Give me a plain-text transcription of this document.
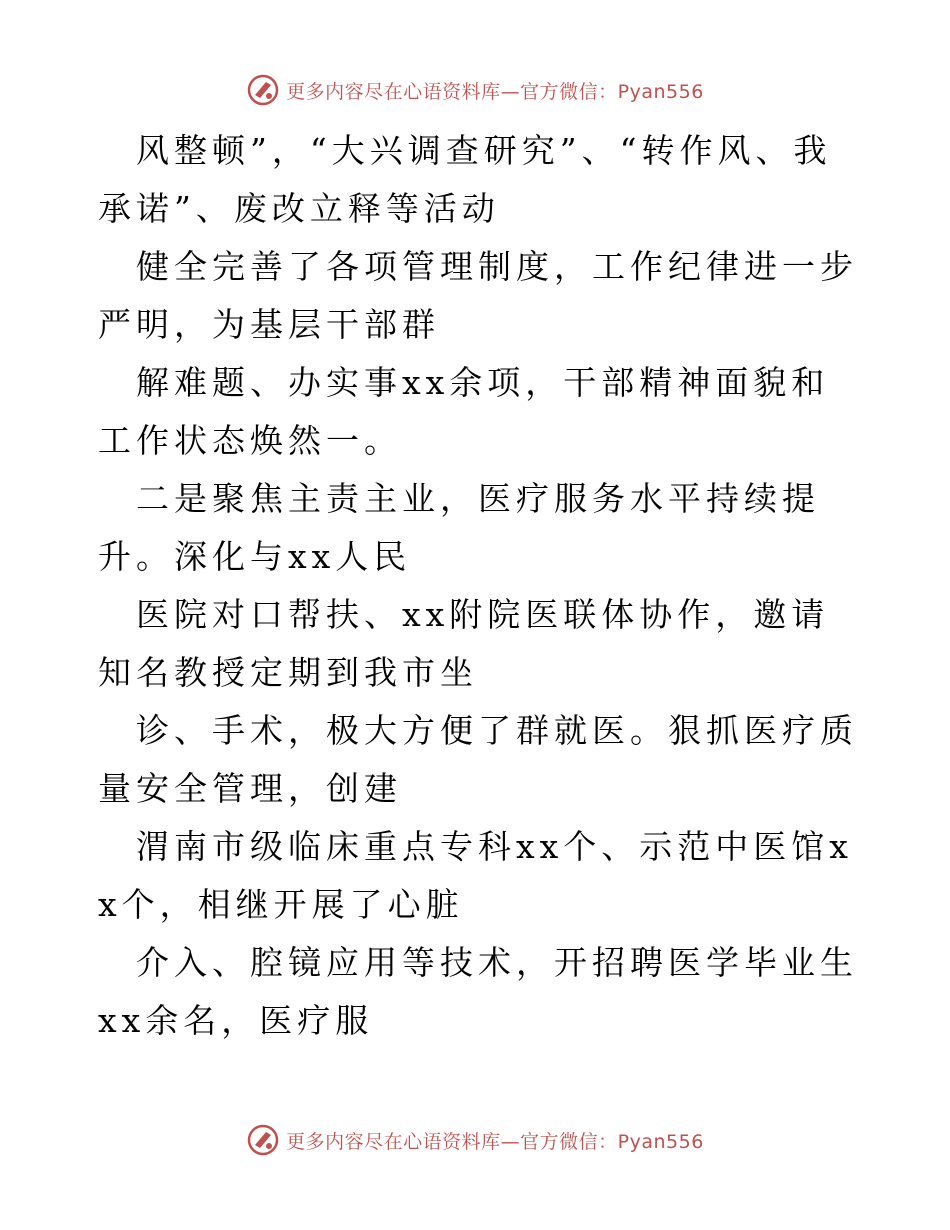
更多内容尽在心语资料库—官方微信：Pyan556

风整顿”，“大兴调查研究”、“转作风、我承诺”、废改立释等活动

健全完善了各项管理制度，工作纪律进一步严明，为基层干部群

解难题、办实事xx余项，干部精神面貌和工作状态焕然一。

二是聚焦主责主业，医疗服务水平持续提升。深化与xx人民

医院对口帮扶、xx附院医联体协作，邀请知名教授定期到我市坐

诊、手术，极大方便了群就医。狠抓医疗质量安全管理，创建

渭南市级临床重点专科xx个、示范中医馆xx个，相继开展了心脏

介入、腔镜应用等技术，开招聘医学毕业生xx余名，医疗服

更多内容尽在心语资料库—官方微信：Pyan556
